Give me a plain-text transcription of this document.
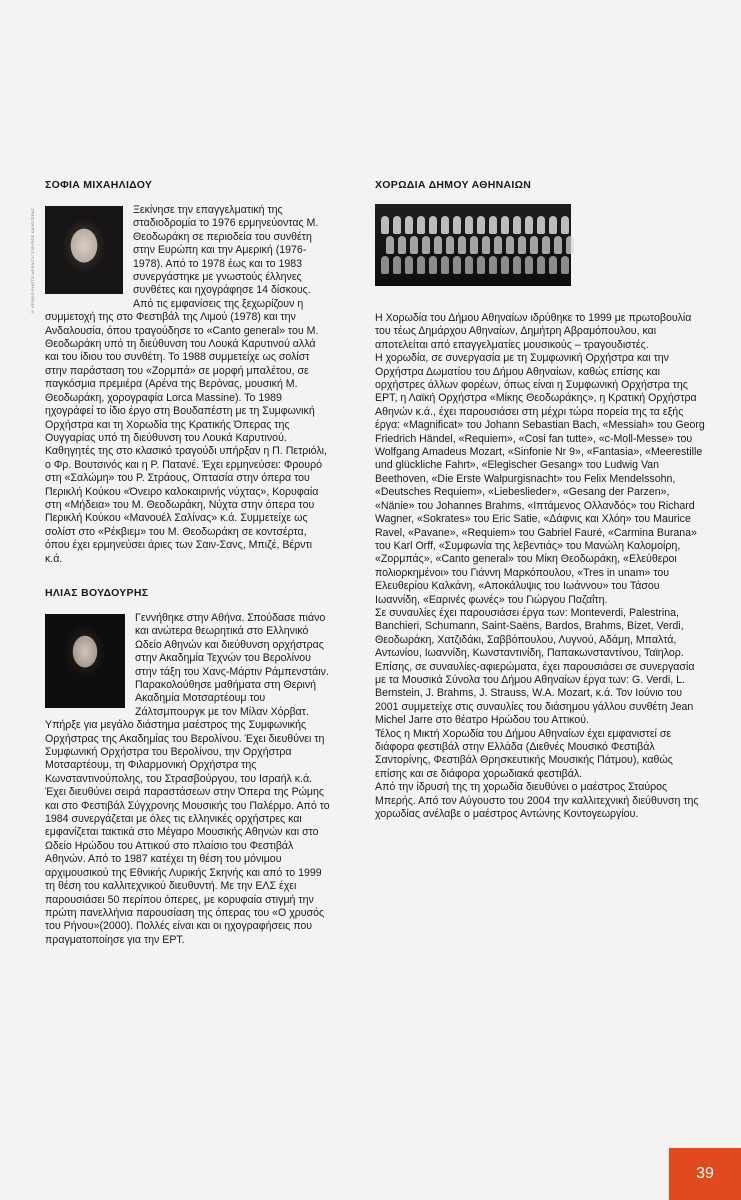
© ΑΡΧΕΙΟ PHOTO AGENCY/ ΣΤΑΥΡΟΣ ΚΑΛΟΓΕΡΑΣ
ΣΟΦΙΑ ΜΙΧΑΗΛΙΔΟΥ

Ξεκίνησε την επαγγελματική της σταδιοδρομία το 1976 ερμηνεύοντας Μ. Θεοδωράκη σε περιοδεία του συνθέτη στην Ευρώπη και την Αμερική (1976-1978). Από το 1978 έως και το 1983 συνεργάστηκε με γνωστούς έλληνες συνθέτες και ηχογράφησε 14 δίσκους. Από τις εμφανίσεις της ξεχωρίζουν η συμμετοχή της στο Φεστιβάλ της Λιμού (1978) και την Ανδαλουσία, όπου τραγούδησε το «Canto general» του Μ. Θεοδωράκη υπό τη διεύθυνση του Λουκά Καρυτινού αλλά και του ίδιου του συνθέτη. Το 1988 συμμετείχε ως σολίστ στην παράσταση του «Ζορμπά» σε μορφή μπαλέτου, σε παγκόσμια πρεμιέρα (Αρένα της Βερόνας, μουσική Μ. Θεοδωράκη, χορογραφία Lorca Massine). Το 1989 ηχογράφεί το ίδιο έργο στη Βουδαπέστη με τη Συμφωνική Ορχήστρα και τη Χορωδία της Κρατικής Όπερας της Ουγγαρίας υπό τη διεύθυνση του Λουκά Καρυτινού. Καθηγητές της στο κλασικό τραγούδι υπήρξαν η Π. Πετριόλι, ο Φρ. Βουτσινός και η Ρ. Πατανέ. Έχει ερμηνεύσει: Φρουρό στη «Σαλώμη» του Ρ. Στράους, Οπτασία στην όπερα του Περικλή Κούκου «Όνειρο καλοκαιρινής νύχτας», Κορυφαία στη «Μήδεια» του Μ. Θεοδωράκη, Νύχτα στην όπερα του Περικλή Κούκου «Μανουέλ Σαλίνας» κ.ά. Συμμετείχε ως σολίστ στο «Ρέκβιεμ» του Μ. Θεοδωράκη σε κοντσέρτα, όπου έχει ερμηνεύσει άριες των Σαιν-Σανς, Μπιζέ, Βέρντι κ.ά.

ΗΛΙΑΣ ΒΟΥΔΟΥΡΗΣ

Γεννήθηκε στην Αθήνα. Σπούδασε πιάνο και ανώτερα θεωρητικά στο Ελληνικό Ωδείο Αθηνών και διεύθυνση ορχήστρας στην Ακαδημία Τεχνών του Βερολίνου στην τάξη του Χανς-Μάρτιν Ράμπενστάιν. Παρακολούθησε μαθήματα στη Θερινή Ακαδημία Μοτσαρτέουμ του Ζάλτσμπουργκ με τον Μίλαν Χόρβατ. Υπήρξε για μεγάλο διάστημα μαέστρος της Συμφωνικής Ορχήστρας της Ακαδημίας του Βερολίνου. Έχει διευθύνει τη Συμφωνική Ορχήστρα του Βερολίνου, την Ορχήστρα Μοτσαρτέουμ, τη Φιλαρμονική Ορχήστρα της Κωνσταντινούπολης, του Στρασβούργου, του Ισραήλ κ.ά. Έχει διευθύνει σειρά παραστάσεων στην Όπερα της Ρώμης και στο Φεστιβάλ Σύγχρονης Μουσικής του Παλέρμο. Από το 1984 συνεργάζεται με όλες τις ελληνικές ορχήστρες και εμφανίζεται τακτικά στο Μέγαρο Μουσικής Αθηνών και στο Ωδείο Ηρώδου του Αττικού στο πλαίσιο του Φεστιβάλ Αθηνών. Από το 1987 κατέχει τη θέση του μόνιμου αρχιμουσικού της Εθνικής Λυρικής Σκηνής και από το 1999 τη θέση του καλλιτεχνικού διευθυντή. Με την ΕΛΣ έχει παρουσιάσει 50 περίπου όπερες, με κορυφαία στιγμή την πρώτη πανελλήνια παρουσίαση της όπερας του «Ο χρυσός του Ρήνου»(2000). Πολλές είναι και οι ηχογραφήσεις που πραγματοποίησε για την ΕΡΤ.

ΧΟΡΩΔΙΑ ΔΗΜΟΥ ΑΘΗΝΑΙΩΝ

Η Χορωδία του Δήμου Αθηναίων ιδρύθηκε το 1999 με πρωτοβουλία του τέως Δημάρχου Αθηναίων, Δημήτρη Αβραμόπουλου, και αποτελείται από επαγγελματίες μουσικούς – τραγουδιστές.
Η χορωδία, σε συνεργασία με τη Συμφωνική Ορχήστρα και την Ορχήστρα Δωματίου του Δήμου Αθηναίων, καθώς επίσης και ορχήστρες άλλων φορέων, όπως είναι η Συμφωνική Ορχήστρα της ΕΡΤ, η Λαϊκή Ορχήστρα «Μίκης Θεοδωράκης», η Κρατική Ορχήστρα Αθηνών κ.ά., έχει παρουσιάσει στη μέχρι τώρα πορεία της τα εξής έργα: «Magnificat» του Johann Sebastian Bach, «Messiah» του Georg Friedrich Händel, «Requiem», «Cosi fan tutte», «c-Moll-Messe» του Wolfgang Amadeus Mozart, «Sinfonie Nr 9», «Fantasia», «Meerestille und glückliche Fahrt», «Elegischer Gesang» του Ludwig Van Beethoven, «Die Erste Walpurgisnacht» του Felix Mendelssohn, «Deutsches Requiem», «Liebeslieder», «Gesang der Parzen», «Nänie» του Johannes Brahms, «Ιπτάμενος Ολλανδός» του Richard Wagner, «Sokrates» του Eric Satie, «Δάφνις και Χλόη» του Maurice Ravel, «Pavane», «Requiem» του Gabriel Fauré, «Carmina Burana» του Karl Orff, «Συμφωνία της λεβεντιάς» του Μανώλη Καλομοίρη, «Ζορμπάς», «Canto general» του Μίκη Θεοδωράκη, «Ελεύθεροι πολιορκημένοι» του Γιάννη Μαρκόπουλου, «Tres in unam» του Ελευθερίου Καλκάνη, «Αποκάλυψις του Ιωάννου» του Τάσου Ιωαννίδη, «Εαρινές φωνές» του Γιώργου Παζαΐτη.
Σε συναυλίες έχει παρουσιάσει έργα των: Monteverdi, Palestrina, Banchieri, Schumann, Saint-Saëns, Bardos, Brahms, Bizet, Verdi, Θεοδωράκη, Χατζιδάκι, Σαββόπουλου, Λυγνού, Αδάμη, Μπαλτά, Αντωνίου, Ιωαννίδη, Κωνσταντινίδη, Παπακωνσταντίνου, Ταϊηλορ. Επίσης, σε συναυλίες-αφιερώματα, έχει παρουσιάσει σε συνεργασία με τα Μουσικά Σύνολα του Δήμου Αθηναίων έργα των: G. Verdi, L. Bernstein, J. Brahms, J. Strauss, W.A. Mozart, κ.ά. Τον Ιούνιο του 2001 συμμετείχε στις συναυλίες του διάσημου γάλλου συνθέτη Jean Michel Jarre στο θέατρο Ηρώδου του Αττικού.
Τέλος η Μικτή Χορωδία του Δήμου Αθηναίων έχει εμφανιστεί σε διάφορα φεστιβάλ στην Ελλάδα (Διεθνές Μουσικό Φεστιβάλ Σαντορίνης, Φεστιβάλ Θρησκευτικής Μουσικής Πάτμου), καθώς επίσης και σε διάφορα χορωδιακά φεστιβάλ.
Από την ίδρυσή της τη χορωδία διευθύνει ο μαέστρος Σταύρος Μπερής. Από τον Αύγουστο του 2004 την καλλιτεχνική διεύθυνση της χορωδίας ανέλαβε ο μαέστρος Αντώνης Κοντογεωργίου.

39
